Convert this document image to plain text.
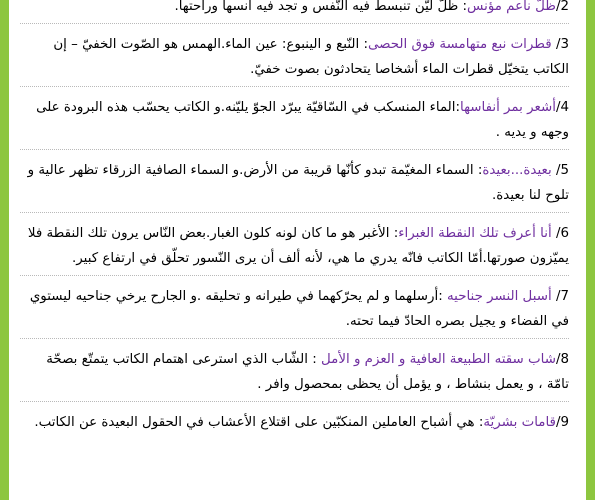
2/ظلّ ناعم مؤنس: ظلّ ليّن تنبسط فيه النّفس و تجد فيه أنسها وراحتها.
3/ قطرات نبع متهامسة فوق الحصى: النّبع و الينبوع: عين الماء.الهمس هو الصّوت الخفيّ – إن الكاتب يتخيّل قطرات الماء أشخاصا يتحادثون بصوت خفيّ.
4/أشعر بمر أنفاسها:الماء المنسكب في السّاقيّة يبرّد الجوّ يليّنه.و الكاتب يحسّب هذه البرودة على وجهه و يديه .
5/ بعيدة...بعيدة: السماء المغيّمة تبدو كأنّها قريبة من الأرض.و السماء الصافية الزرقاء تظهر عالية و تلوح لنا بعيدة.
6/ أنا أعرف تلك النقطة الغبراء: الأغبر هو ما كان لونه كلون الغبار.بعض النّاس يرون تلك النقطة فلا يميّزون صورتها.أمّا الكاتب فانّه يدري ما هي، لأنه ألف أن يرى النّسور تحلّق في ارتفاع كبير.
7/ أسبل النسر جناحيه :أرسلهما و لم يحرّكهما في طيرانه و تحليقه .و الجارح يرخي جناحيه ليستوي في الفضاء و يجيل بصره الحادّ فيما تحته.
8/شاب سقته الطبيعة العافية و العزم و الأمل : الشّاب الذي استرعى اهتمام الكاتب يتمتّع بصحّة تامّة ، و يعمل بنشاط ، و يؤمل أن يحظى بمحصول وافر .
9/قامات بشريّة: هي أشباح العاملين المنكبّين على اقتلاع الأعشاب في الحقول البعيدة عن الكاتب.
